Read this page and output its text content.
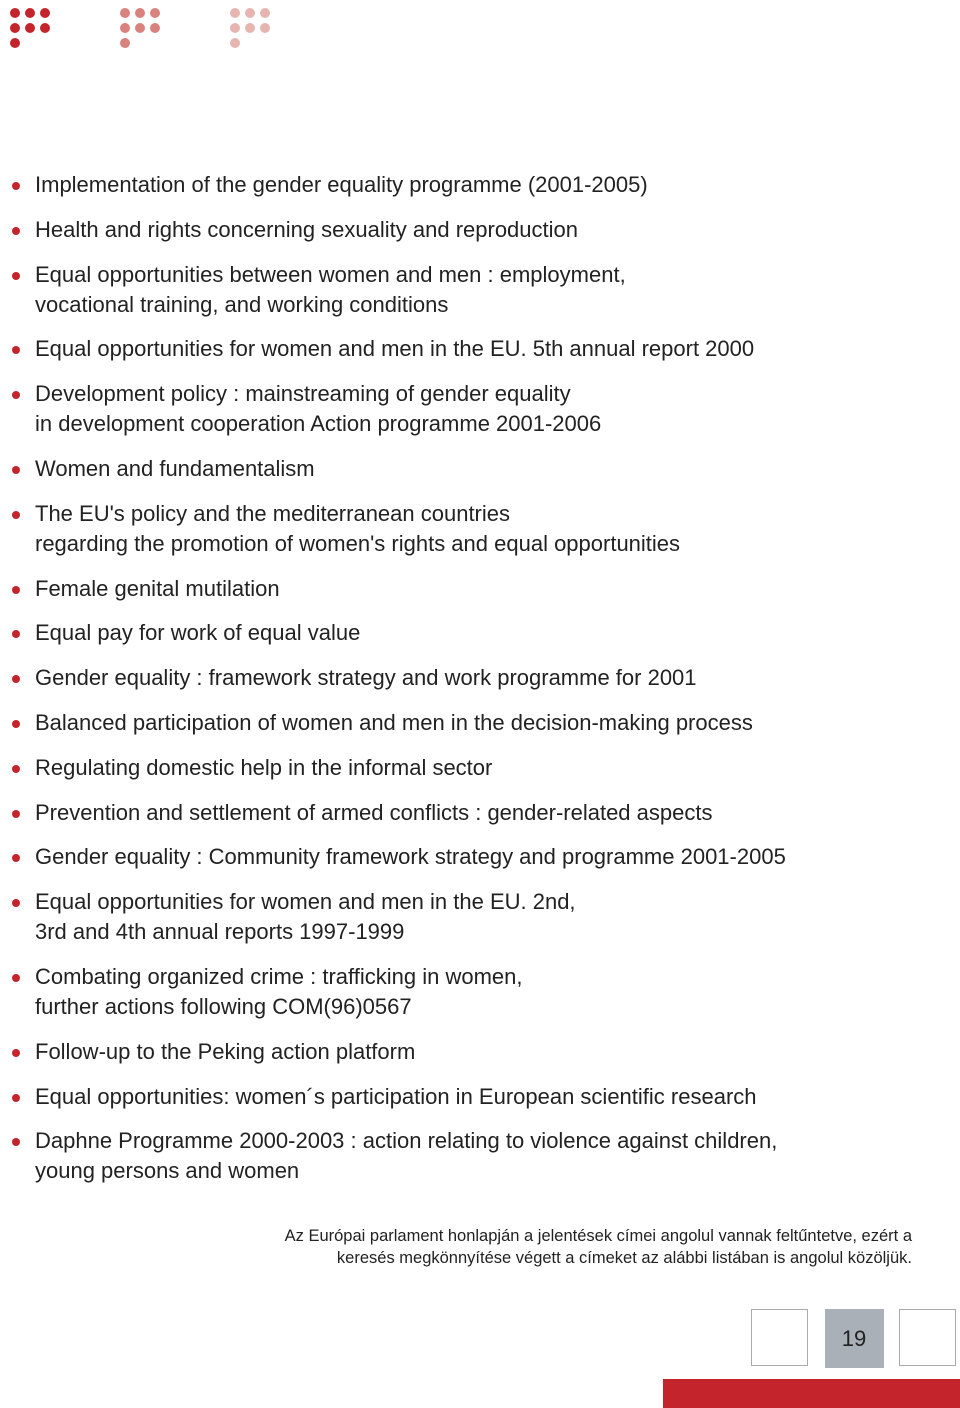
Implementation of the gender equality programme (2001-2005)
Health and rights concerning sexuality and reproduction
Equal opportunities between women and men : employment,
vocational training, and working conditions
Equal opportunities for women and men in the EU. 5th annual report 2000
Development policy : mainstreaming of gender equality
in development cooperation Action programme 2001-2006
Women and fundamentalism
The EU's policy and the mediterranean countries
regarding the promotion of women's rights and equal opportunities
Female genital mutilation
Equal pay for work of equal value
Gender equality : framework strategy and work programme for 2001
Balanced participation of women and men in the decision-making process
Regulating domestic help in the informal sector
Prevention and settlement of armed conflicts : gender-related aspects
Gender equality : Community framework strategy and programme 2001-2005
Equal opportunities for women and men in the EU. 2nd,
3rd and 4th annual reports 1997-1999
Combating organized crime : trafficking in women,
further actions following COM(96)0567
Follow-up to the Peking action platform
Equal opportunities: women´s participation in European scientific research
Daphne Programme 2000-2003 : action relating to violence against children,
young persons and women
Az Európai parlament honlapján a jelentések címei angolul vannak feltűntetve, ezért a
keresés megkönnyítése végett a címeket az alábbi listában is angolul közöljük.
19
